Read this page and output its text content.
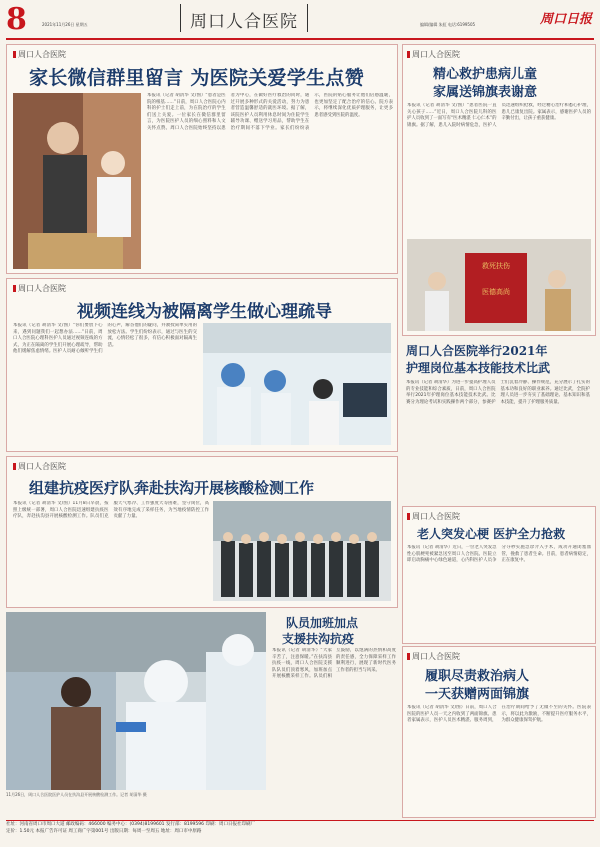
8	2021年11月26日 星期五	周口人合医院	编辑/编辑 朱虹 电话:6199505	周口日报
周口人合医院
家长微信群里留言 为医院关爱学生点赞
本报讯（记者 胡清华 文/图）“患者是医院的根基……”日前，周口人合医院心内科的护士们走上前，为在院治疗的学生们送上关爱。一位家长在微信群里留言，为医院医护人员的细心照料和人文关怀点赞。周口人合医院始终坚持以患者为中心，在做好医疗救治的同时，通过开展多种形式的关爱活动，努力为患者营造温馨舒适的就医环境。据了解，该院医护人员利用休息时间为住院学生辅导功课、赠送学习用品，帮助学生在治疗期间不落下学业。家长们纷纷表示，医院的贴心服务让他们倍感温暖，也更加坚定了配合治疗的信心。院方表示，将继续深化优质护理服务，让更多患者感受到医院的温度。
周口人合医院
精心救护患病儿童
家属送锦旗表谢意
本报讯（记者 胡清华 文/图）“患者医院一直关心孩子……”近日，周口人合医院儿科的医护人员收到了一面写有“医术精湛 仁心仁术”的锦旗。据了解，患儿入院时病情危急，医护人员迅速组织抢救，经过精心治疗和悉心护理，患儿已康复出院。家属表示，感谢医护人员的辛勤付出，让孩子重获健康。
救死扶伤
医德高尚
周口人合医院
视频连线为被隔离学生做心理疏导
本报讯（记者 胡清华 文/图）“你们要放下心来，遇到问题我们一起想办法……”日前，周口人合医院心理科医护人员通过视频连线的方式，为正在隔离的学生们开展心理疏导，帮助他们缓解焦虑情绪。医护人员耐心倾听学生们的心声，解答他们的疑问，并教授简单实用的放松方法。学生们纷纷表示，通过与医生的交流，心情轻松了很多，有信心积极面对隔离生活。	周口人合医院举行2021年
护理岗位基本技能技术比武
本报讯（记者 胡清华）为进一步提高护理人员的专业技能和综合素质，日前，周口人合医院举行2021年护理岗位基本技能技术比武。比赛分为理论考试和实践操作两个部分，参赛护士们沉着冷静、操作规范，充分展示了扎实的基本功和良好的职业素养。通过比武，全院护理人员进一步夯实了基础理论、基本知识和基本技能，提升了护理服务质量。
周口人合医院
组建抗疫医疗队奔赴扶沟开展核酸检测工作
本报讯（记者 胡清华 文/图）11月8日早晨，按照上级统一部署，周口人合医院迅速组建抗疫医疗队，奔赴扶沟县开展核酸检测工作。队员们克服天气寒冷、工作强度大等困难，坚守岗位，高效有序地完成了采样任务，为当地疫情防控工作贡献了力量。	周口人合医院
老人突发心梗 医护全力抢救
本报讯（记者 胡清华）近日，一位老人突发急性心肌梗死被紧急送至周口人合医院。医院立即启动胸痛中心绿色通道，心内科医护人员争分夺秒实施急诊介入手术，成功开通闭塞血管，挽救了患者生命。目前，患者病情稳定，正在康复中。
11月26日，周口人合医院医护人员在扶沟县开展核酸检测工作。记者 胡清华 摄
队员加班加点
支援扶沟抗疫
本报讯（记者 胡清华）“大家辛苦了，注意保暖。”在扶沟县抗疫一线，周口人合医院支援队队员们顶着寒风，加班加点开展核酸采样工作。队员们相互鼓励，以饱满的热情和高度的责任感，全力保障采样工作顺利进行，展现了新时代医务工作者的担当与风采。
周口人合医院
履职尽责救治病人
一天获赠两面锦旗
本报讯（记者 胡清华 文/图）日前，周口人合医院的医护人员一天之内收到了两面锦旗。患者家属表示，医护人员医术精湛、服务周到，在治疗期间给予了无微不至的关怀。医院表示，将以此为激励，不断提升医疗服务水平，为群众健康保驾护航。
社址：河南省周口市周口大道 邮政编码：466000 编务中心：(0394)8199601 发行部：8199596 印刷：周口日报社印刷厂
定价：1.50元 本报广告许可证 周工商广字第001号 出版日期：每周一至周五 地址：周口市中原路
